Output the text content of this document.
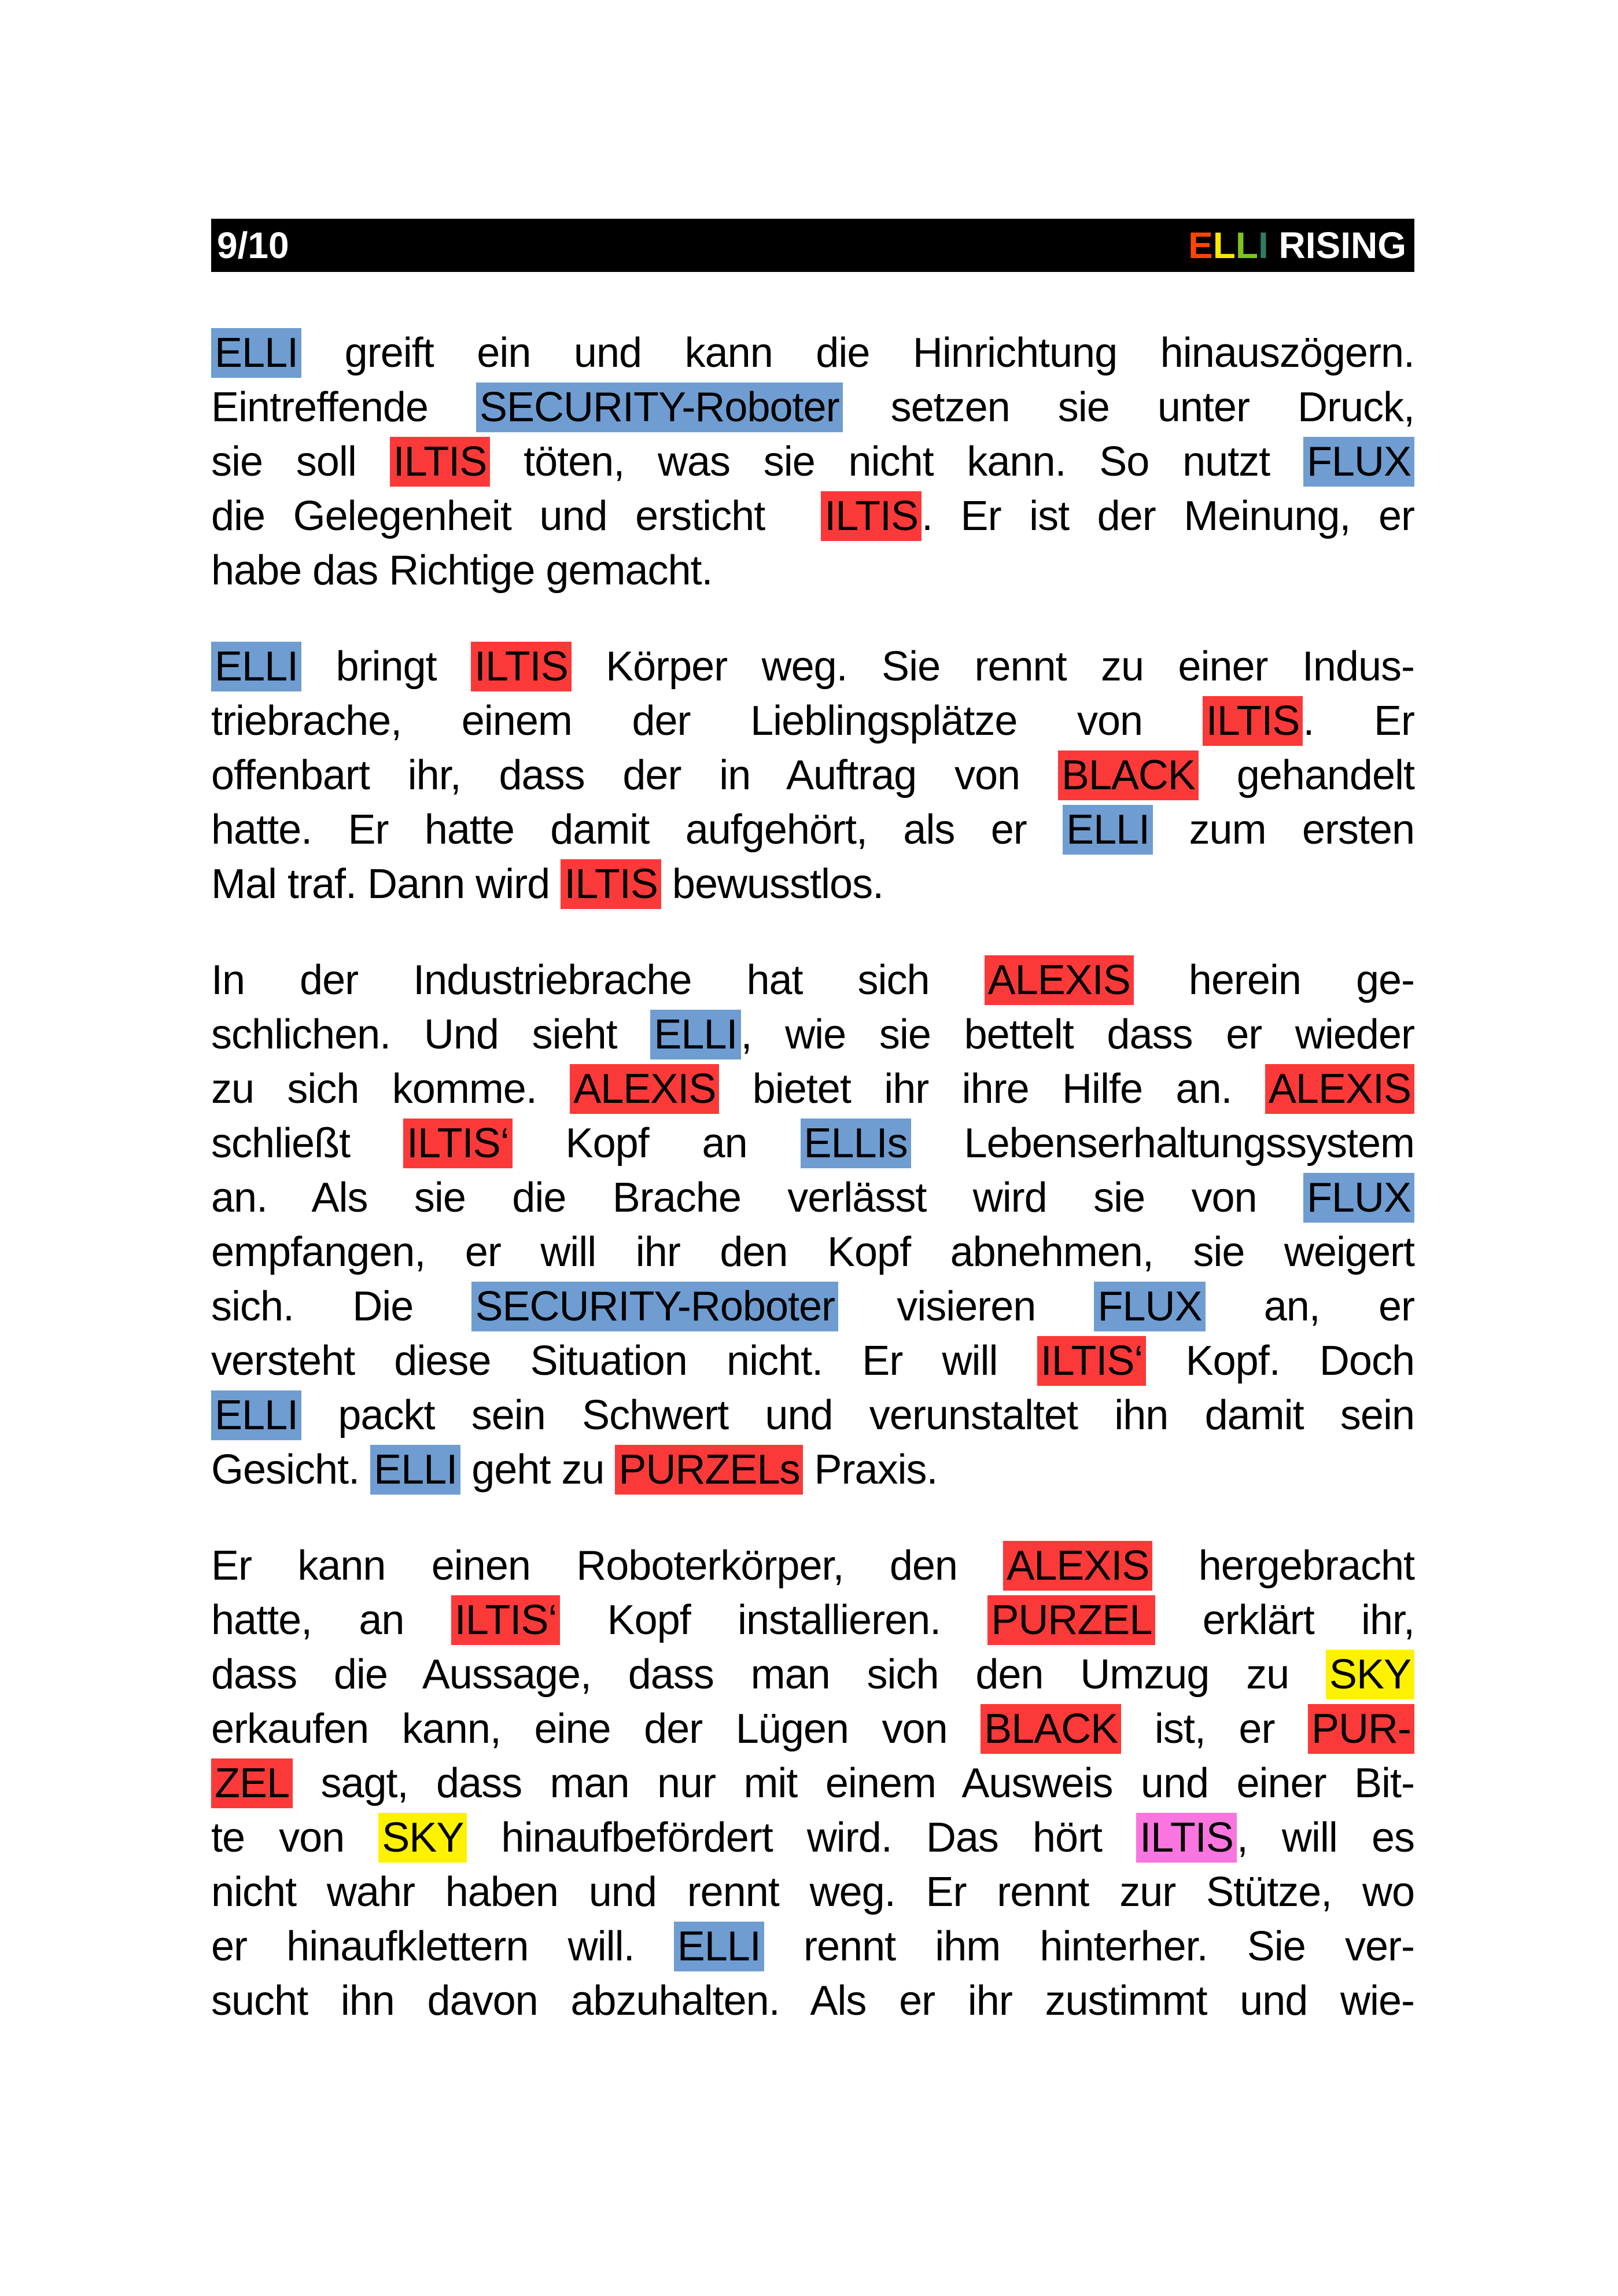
9/10	ELLI RISING
ELLI greift ein und kann die Hinrichtung hinauszögern.
Eintreffende SECURITY-Roboter setzen sie unter Druck,
sie soll ILTIS töten, was sie nicht kann. So nutzt FLUX
die Gelegenheit und ersticht  ILTIS. Er ist der Meinung, er
habe das Richtige gemacht.
ELLI bringt ILTIS Körper weg. Sie rennt zu einer Indus-
triebrache, einem der Lieblingsplätze von ILTIS. Er
offenbart ihr, dass der in Auftrag von BLACK gehandelt
hatte. Er hatte damit aufgehört, als er ELLI zum ersten
Mal traf. Dann wird ILTIS bewusstlos.
In der Industriebrache hat sich ALEXIS herein ge-
schlichen. Und sieht ELLI, wie sie bettelt dass er wieder
zu sich komme. ALEXIS bietet ihr ihre Hilfe an. ALEXIS
schließt ILTIS‘ Kopf an ELLIs Lebenserhaltungssystem
an. Als sie die Brache verlässt wird sie von FLUX
empfangen, er will ihr den Kopf abnehmen, sie weigert
sich. Die SECURITY-Roboter visieren FLUX an, er
versteht diese Situation nicht. Er will ILTIS‘ Kopf. Doch
ELLI packt sein Schwert und verunstaltet ihn damit sein
Gesicht. ELLI geht zu PURZELs Praxis.
Er kann einen Roboterkörper, den ALEXIS hergebracht
hatte, an ILTIS‘ Kopf installieren. PURZEL erklärt ihr,
dass die Aussage, dass man sich den Umzug zu SKY
erkaufen kann, eine der Lügen von BLACK ist, er PUR-
ZEL sagt, dass man nur mit einem Ausweis und einer Bit-
te von SKY hinaufbefördert wird. Das hört ILTIS, will es
nicht wahr haben und rennt weg. Er rennt zur Stütze, wo
er hinaufklettern will. ELLI rennt ihm hinterher. Sie ver-
sucht ihn davon abzuhalten. Als er ihr zustimmt und wie-
